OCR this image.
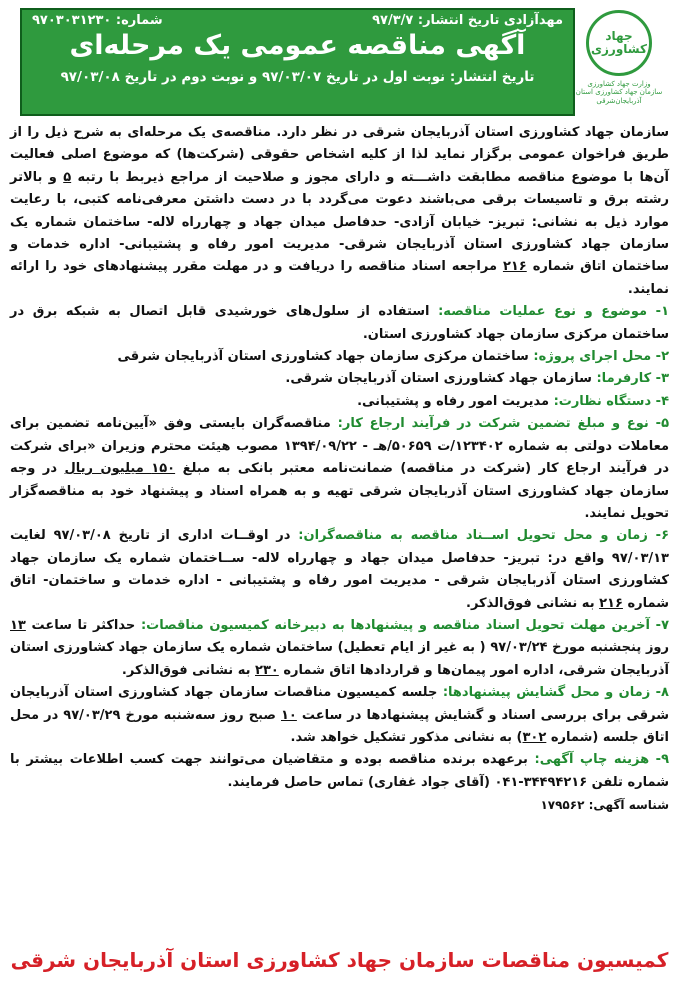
جهاد
کشاورزی
وزارت جهاد کشاورزی
سازمان جهاد کشاورزی استان آذربایجان‌شرقی
مهدآزادی تاریخ انتشار: ۹۷/۳/۷
شماره: ۹۷۰۳۰۳۱۲۳۰
آگهی مناقصه عمومی یک مرحله‌ای
تاریخ انتشار: نوبت اول در تاریخ ۹۷/۰۳/۰۷ و نوبت دوم در تاریخ ۹۷/۰۳/۰۸

سازمان جهاد کشاورزی استان آذربایجان شرقی در نظر دارد. مناقصه‌ی یک مرحله‌ای به شرح ذیل را از طریق فراخوان عمومی برگزار نماید لذا از کلیه اشخاص حقوقی (شرکت‌ها) که موضوع اصلی فعالیت آن‌ها با موضوع مناقصه مطابقت داشـــته و دارای مجوز و صلاحیت از مراجع ذیربط با رتبه ۵ و بالاتر رشته برق و تاسیسات برقی می‌باشند دعوت می‌گردد با در دست داشتن معرفی‌نامه کتبی، با رعایت موارد ذیل به نشانی: تبریز- خیابان آزادی- حدفاصل میدان جهاد و چهارراه لاله- ساختمان شماره یک سازمان جهاد کشاورزی استان آذربایجان شرقی- مدیریت امور رفاه و پشتیبانی- اداره خدمات و ساختمان اتاق شماره ۲۱۶ مراجعه اسناد مناقصه را دریافت و در مهلت مقرر پیشنهادهای خود را ارائه نمایند.

۱- موضوع و نوع عملیات مناقصه: استفاده از سلول‌های خورشیدی قابل اتصال به شبکه برق در ساختمان مرکزی سازمان جهاد کشاورزی استان.

۲- محل اجرای پروژه: ساختمان مرکزی سازمان جهاد کشاورزی استان آذربایجان شرقی

۳- کارفرما: سازمان جهاد کشاورزی استان آذربایجان شرقی.

۴- دستگاه نظارت: مدیریت امور رفاه و پشتیبانی.

۵- نوع و مبلغ تضمین شرکت در فرآیند ارجاع کار: مناقصه‌گران بایستی وفق «آیین‌نامه تضمین برای معاملات دولتی به شماره ۱۲۳۴۰۲/ت ۵۰۶۵۹/هـ - ۱۳۹۴/۰۹/۲۲ مصوب هیئت محترم وزیران «برای شرکت در فرآیند ارجاع کار (شرکت در مناقصه) ضمانت‌نامه معتبر بانکی به مبلغ ۱۵۰ میلیون ریال در وجه سازمان جهاد کشاورزی استان آذربایجان شرقی تهیه و به همراه اسناد و پیشنهاد خود به مناقصه‌گزار تحویل نمایند.

۶- زمان و محل تحویل اســناد مناقصه به مناقصه‌گران: در اوقــات اداری از تاریخ ۹۷/۰۳/۰۸ لغایت ۹۷/۰۳/۱۳ واقع در: تبریز- حدفاصل میدان جهاد و چهارراه لاله- ســاختمان شماره یک سازمان جهاد کشاورزی استان آذربایجان شرقی - مدیریت امور رفاه و پشتیبانی - اداره خدمات و ساختمان- اتاق شماره ۲۱۶ به نشانی فوق‌الذکر.

۷- آخرین مهلت تحویل اسناد مناقصه و پیشنهادها به دبیرخانه کمیسیون مناقصات: حداکثر تا ساعت ۱۳ روز پنجشنبه مورخ ۹۷/۰۳/۲۴ ( به غیر از ایام تعطیل) ساختمان شماره یک سازمان جهاد کشاورزی استان آذربایجان شرقی، اداره امور پیمان‌ها و قراردادها اتاق شماره ۲۳۰ به نشانی فوق‌الذکر.

۸- زمان و محل گشایش پیشنهادها: جلسه کمیسیون مناقصات سازمان جهاد کشاورزی استان آذربایجان شرقی برای بررسی اسناد و گشایش پیشنهادها در ساعت ۱۰ صبح روز سه‌شنبه مورخ ۹۷/۰۳/۲۹ در محل اتاق جلسه (شماره ۳۰۲) به نشانی مذکور تشکیل خواهد شد.

۹- هزینه چاپ آگهی: برعهده برنده مناقصه بوده و متقاضیان می‌توانند جهت کسب اطلاعات بیشتر با شماره تلفن ۳۴۴۹۴۲۱۶-۰۴۱ (آقای جواد غفاری) تماس حاصل فرمایند.

شناسه آگهی: ۱۷۹۵۶۲
کمیسیون مناقصات سازمان جهاد کشاورزی استان آذربایجان شرقی
